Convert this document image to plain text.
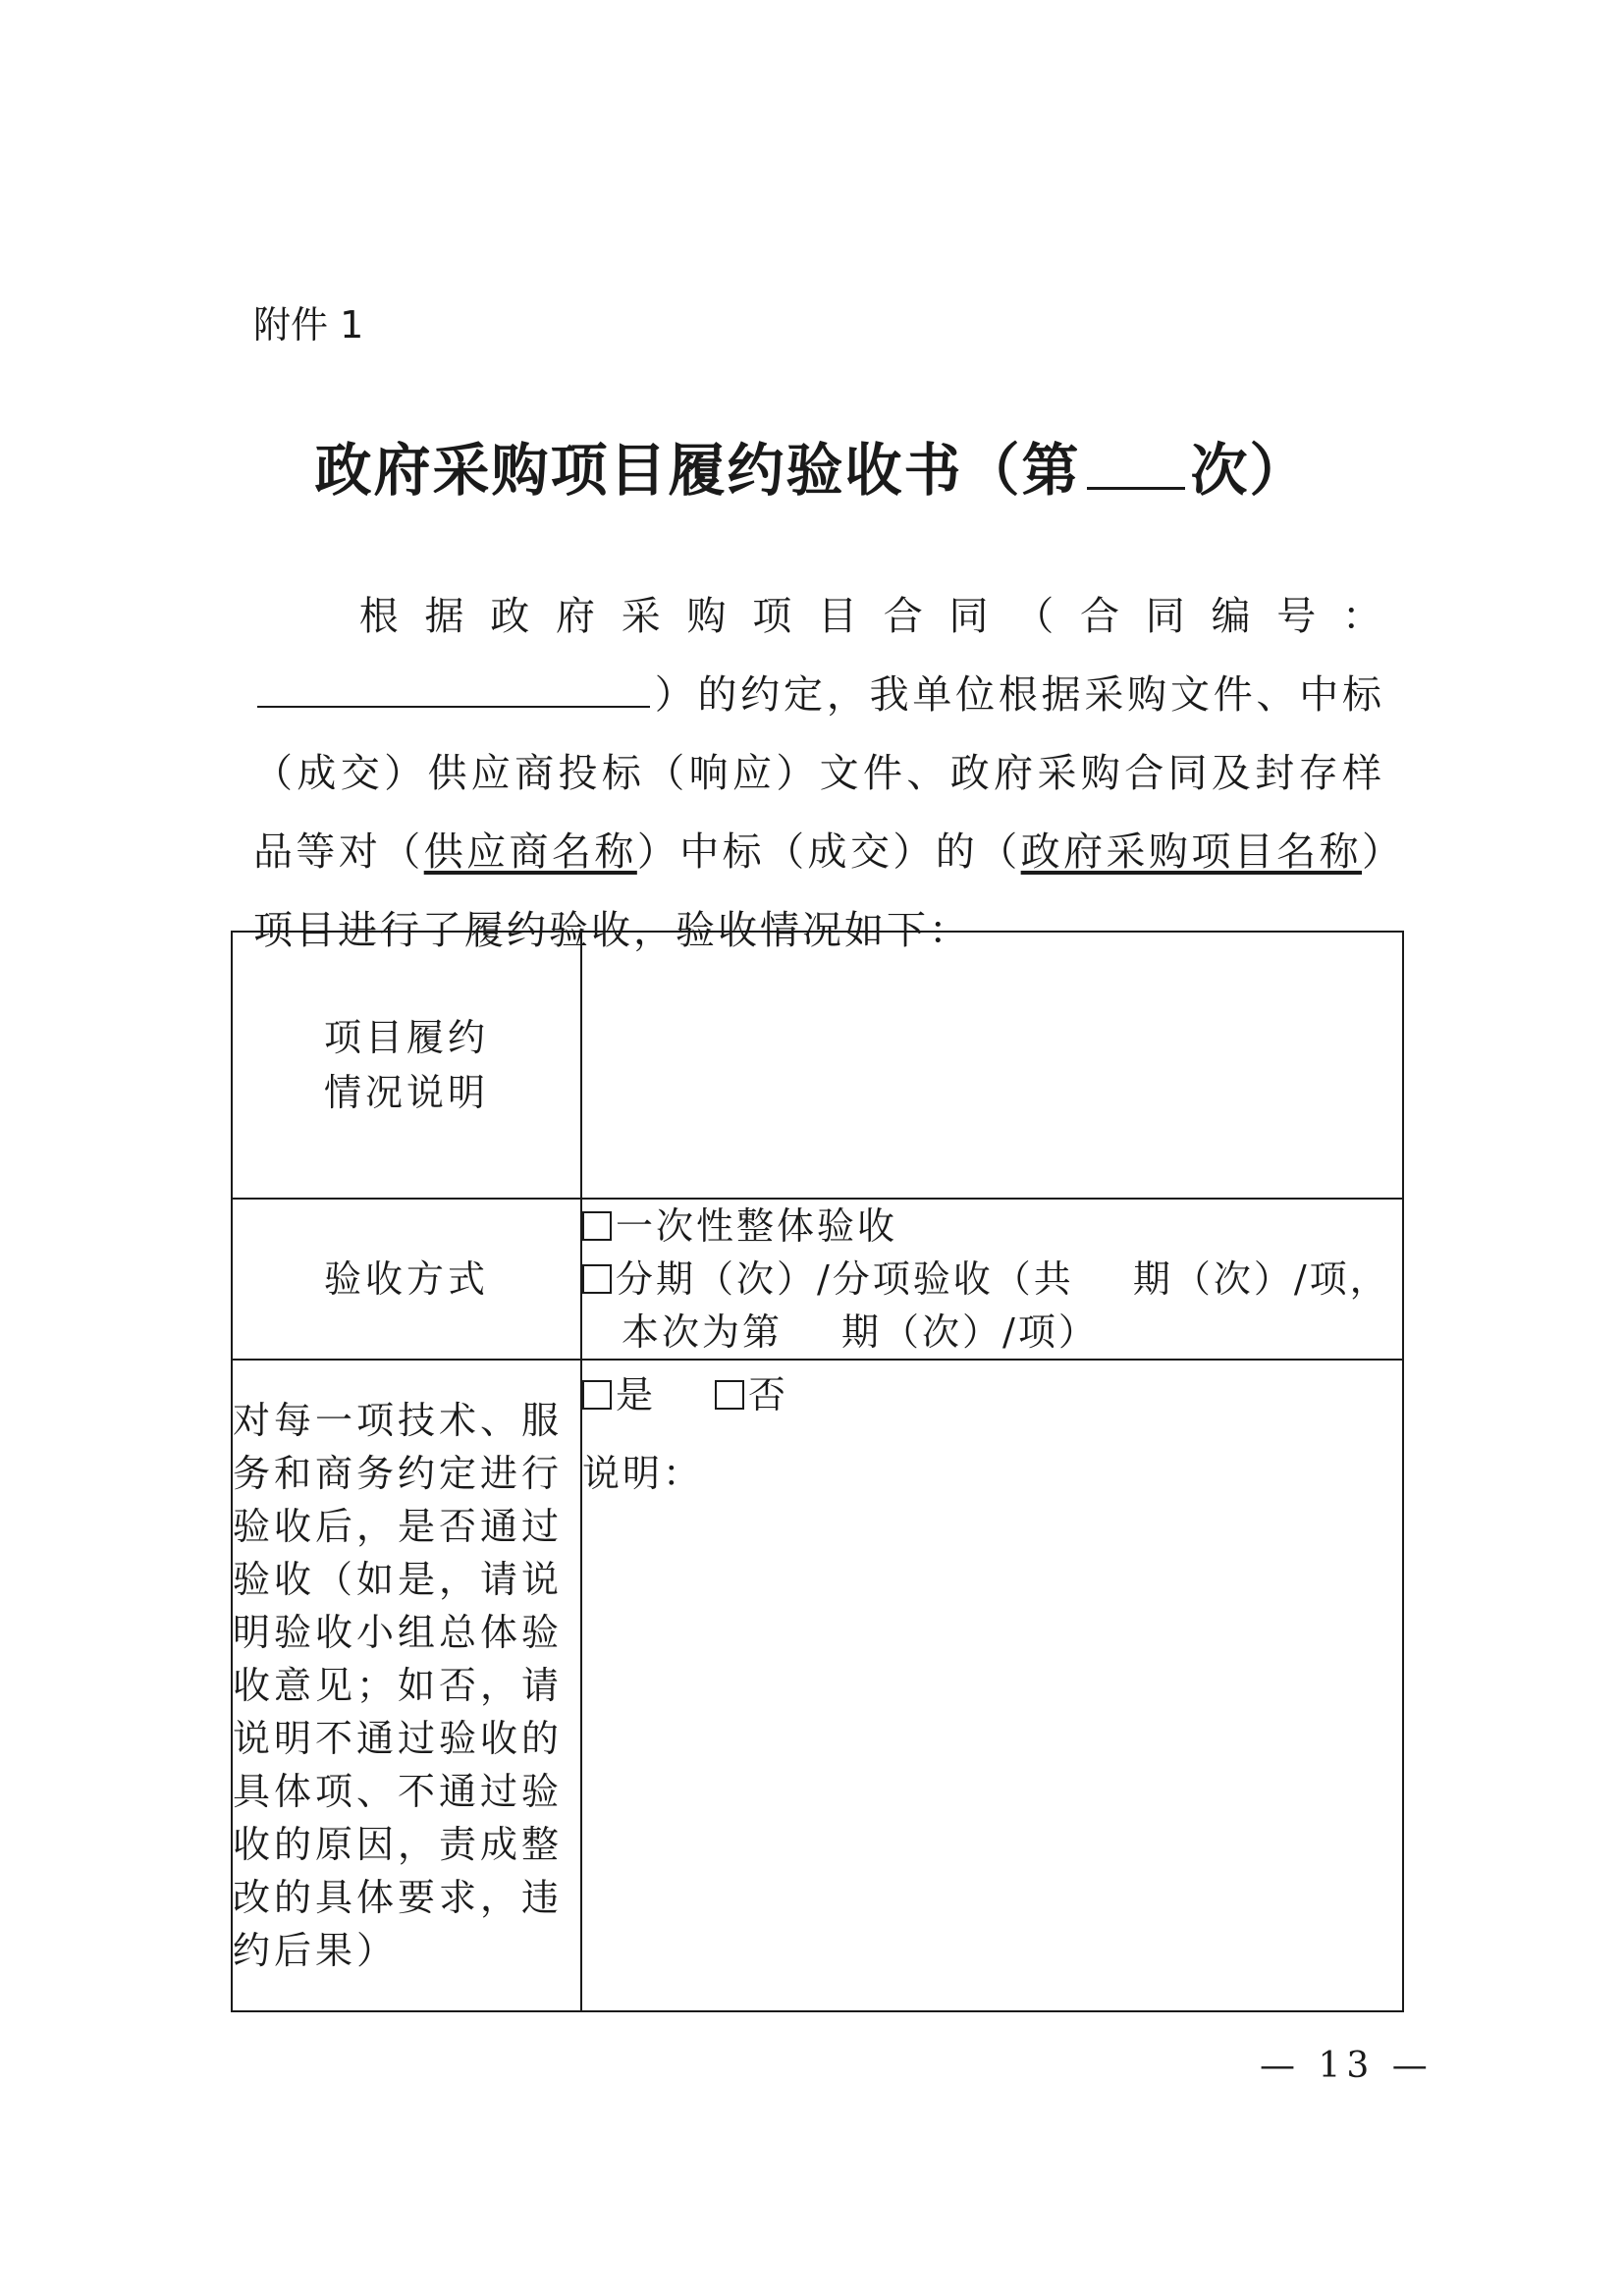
附件 1
政府采购项目履约验收书（第 次）
根据政府采购项目合同（合同编号：）的约定，我单位根据采购文件、中标（成交）供应商投标（响应）文件、政府采购合同及封存样品等对（供应商名称）中标（成交）的（政府采购项目名称）项目进行了履约验收，验收情况如下：
项目履约
情况说明	

验收方式	一次性整体验收
分期（次）/分项验收（共 期（次）/项，
本次为第 期（次）/项）

对每一项技术、服务和商务约定进行验收后，是否通过验收（如是，请说明验收小组总体验收意见；如否，请说明不通过验收的具体项、不通过验收的原因，责成整改的具体要求，违约后果）	是 否
说明：
— 13 —
